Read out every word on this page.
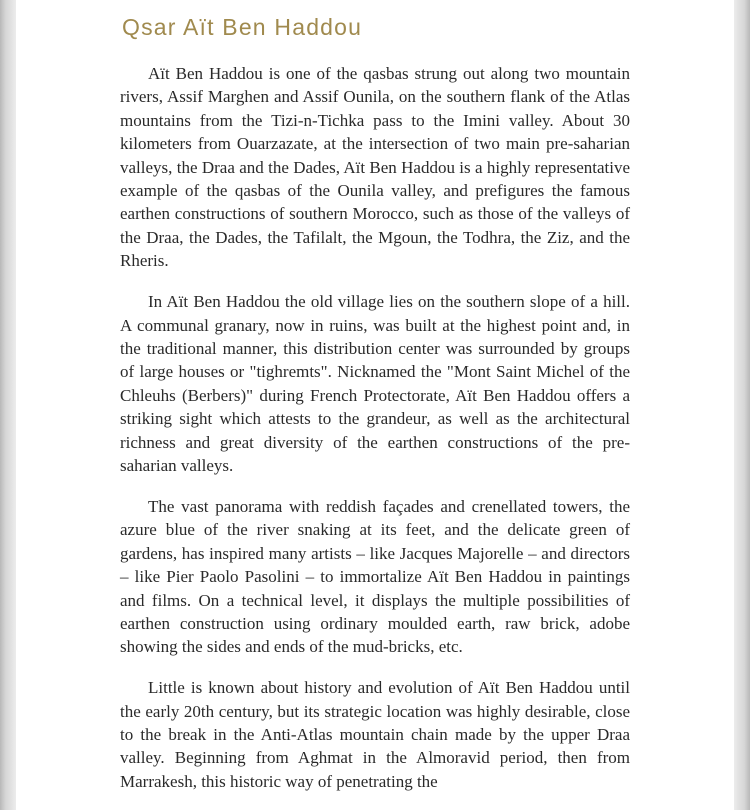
Qsar Aït Ben Haddou

Aït Ben Haddou is one of the qasbas strung out along two mountain rivers, Assif Marghen and Assif Ounila, on the southern flank of the Atlas mountains from the Tizi-n-Tichka pass to the Imini valley. About 30 kilometers from Ouarzazate, at the intersection of two main pre-saharian valleys, the Draa and the Dades, Aït Ben Haddou is a highly representative example of the qasbas of the Ounila valley, and prefigures the famous earthen constructions of southern Morocco, such as those of the valleys of the Draa, the Dades, the Tafilalt, the Mgoun, the Todhra, the Ziz, and the Rheris.

In Aït Ben Haddou the old village lies on the southern slope of a hill. A communal granary, now in ruins, was built at the highest point and, in the traditional manner, this distribution center was surrounded by groups of large houses or "tighremts". Nicknamed the "Mont Saint Michel of the Chleuhs (Berbers)" during French Protectorate, Aït Ben Haddou offers a striking sight which attests to the grandeur, as well as the architectural richness and great diversity of the earthen constructions of the pre-saharian valleys.

The vast panorama with reddish façades and crenellated towers, the azure blue of the river snaking at its feet, and the delicate green of gardens, has inspired many artists – like Jacques Majorelle – and directors – like Pier Paolo Pasolini – to immortalize Aït Ben Haddou in paintings and films. On a technical level, it displays the multiple possibilities of earthen construction using ordinary moulded earth, raw brick, adobe showing the sides and ends of the mud-bricks, etc.

Little is known about history and evolution of Aït Ben Haddou until the early 20th century, but its strategic location was highly desirable, close to the break in the Anti-Atlas mountain chain made by the upper Draa valley. Beginning from Aghmat in the Almoravid period, then from Marrakesh, this historic way of penetrating the
